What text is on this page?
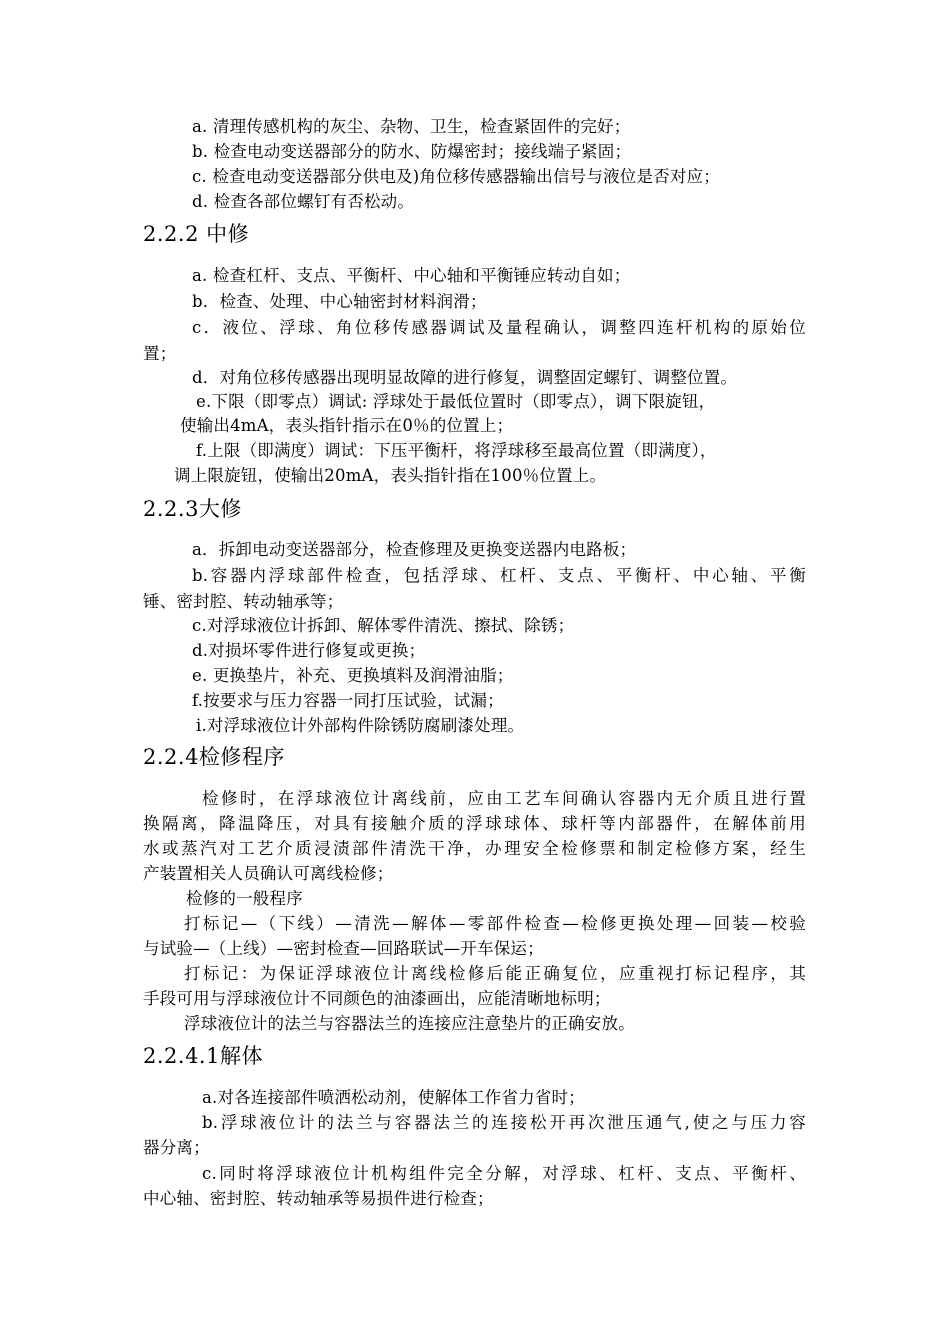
a. 清理传感机构的灰尘、杂物、卫生，检查紧固件的完好；
b. 检查电动变送器部分的防水、防爆密封；接线端子紧固；
c. 检查电动变送器部分供电及)角位移传感器输出信号与液位是否对应；
d. 检查各部位螺钉有否松动。
2.2.2 中修
a. 检查杠杆、支点、平衡杆、中心轴和平衡锤应转动自如；
b．检查、处理、中心轴密封材料润滑；
c．液位、浮球、角位移传感器调试及量程确认，调整四连杆机构的原始位
置；
d．对角位移传感器出现明显故障的进行修复，调整固定螺钉、调整位置。
e.下限（即零点）调试: 浮球处于最低位置时（即零点），调下限旋钮，
使输出4mA，表头指针指示在0％的位置上；
f.上限（即满度）调试：下压平衡杆，将浮球移至最高位置（即满度），
调上限旋钮，使输出20mA，表头指针指在100％位置上。
2.2.3大修
a．拆卸电动变送器部分，检查修理及更换变送器内电路板；
b.容器内浮球部件检查，包括浮球、杠杆、支点、平衡杆、中心轴、平衡
锤、密封腔、转动轴承等；
c.对浮球液位计拆卸、解体零件清洗、擦拭、除锈；
d.对损坏零件进行修复或更换；
e. 更换垫片，补充、更换填料及润滑油脂；
f.按要求与压力容器一同打压试验，试漏；
i.对浮球液位计外部构件除锈防腐刷漆处理。
2.2.4检修程序
检修时，在浮球液位计离线前，应由工艺车间确认容器内无介质且进行置
换隔离，降温降压，对具有接触介质的浮球球体、球杆等内部器件，在解体前用
水或蒸汽对工艺介质浸渍部件清洗干净，办理安全检修票和制定检修方案，经生
产装置相关人员确认可离线检修；
检修的一般程序
打标记—（下线）—清洗—解体—零部件检查—检修更换处理—回装—校验
与试验—（上线）—密封检查—回路联试—开车保运；
打标记：为保证浮球液位计离线检修后能正确复位，应重视打标记程序，其
手段可用与浮球液位计不同颜色的油漆画出，应能清晰地标明；
浮球液位计的法兰与容器法兰的连接应注意垫片的正确安放。
2.2.4.1解体
a.对各连接部件喷洒松动剂，使解体工作省力省时；
b.浮球液位计的法兰与容器法兰的连接松开再次泄压通气,使之与压力容
器分离；
c.同时将浮球液位计机构组件完全分解，对浮球、杠杆、支点、平衡杆、
中心轴、密封腔、转动轴承等易损件进行检查；
